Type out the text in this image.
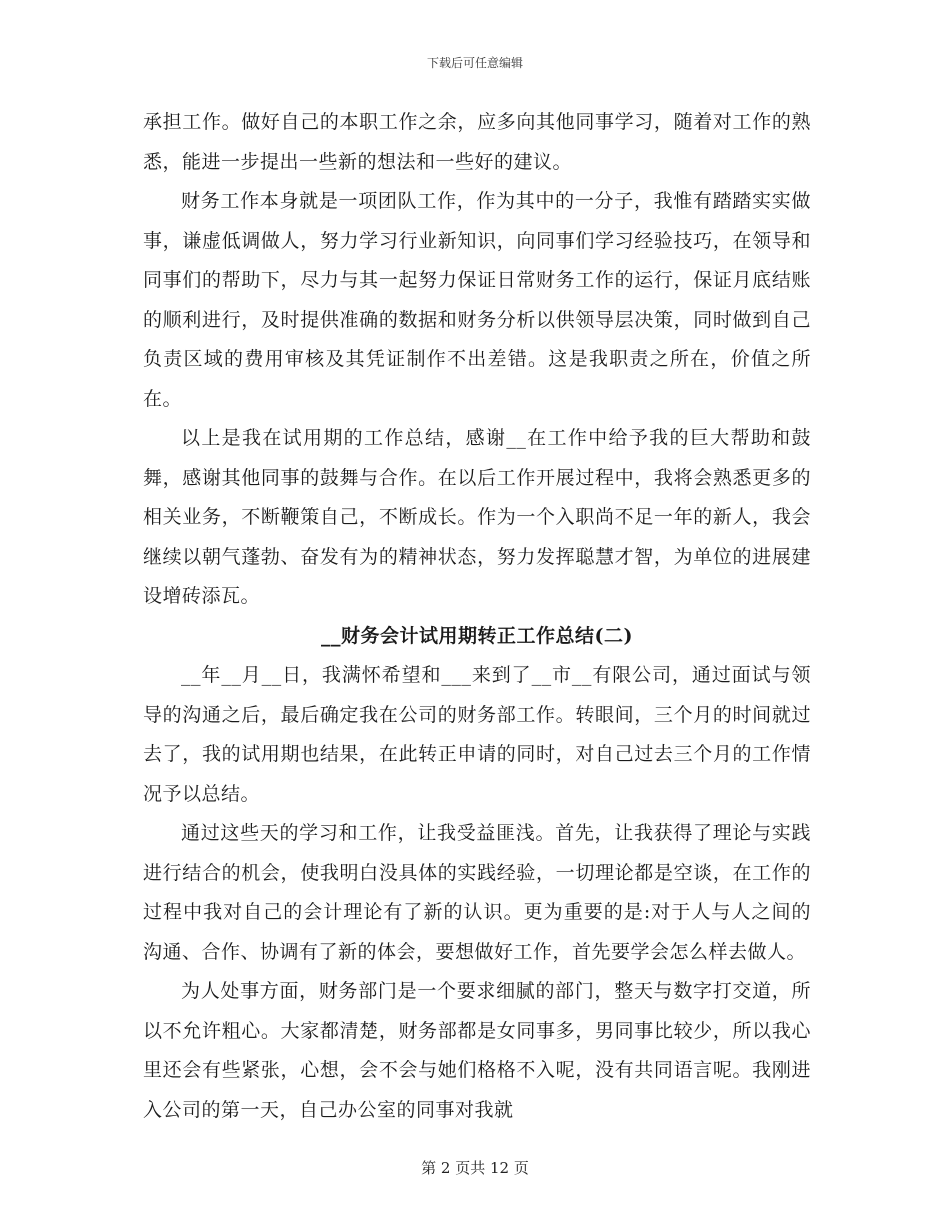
下载后可任意编辑

承担工作。做好自己的本职工作之余，应多向其他同事学习，随着对工作的熟悉，能进一步提出一些新的想法和一些好的建议。

财务工作本身就是一项团队工作，作为其中的一分子，我惟有踏踏实实做事，谦虚低调做人，努力学习行业新知识，向同事们学习经验技巧，在领导和同事们的帮助下，尽力与其一起努力保证日常财务工作的运行，保证月底结账的顺利进行，及时提供准确的数据和财务分析以供领导层决策，同时做到自己负责区域的费用审核及其凭证制作不出差错。这是我职责之所在，价值之所在。

以上是我在试用期的工作总结，感谢__在工作中给予我的巨大帮助和鼓舞，感谢其他同事的鼓舞与合作。在以后工作开展过程中，我将会熟悉更多的相关业务，不断鞭策自己，不断成长。作为一个入职尚不足一年的新人，我会继续以朝气蓬勃、奋发有为的精神状态，努力发挥聪慧才智，为单位的进展建设增砖添瓦。

__财务会计试用期转正工作总结(二)

__年__月__日，我满怀希望和___来到了__市__有限公司，通过面试与领导的沟通之后，最后确定我在公司的财务部工作。转眼间，三个月的时间就过去了，我的试用期也结果，在此转正申请的同时，对自己过去三个月的工作情况予以总结。

通过这些天的学习和工作，让我受益匪浅。首先，让我获得了理论与实践进行结合的机会，使我明白没具体的实践经验，一切理论都是空谈，在工作的过程中我对自己的会计理论有了新的认识。更为重要的是:对于人与人之间的沟通、合作、协调有了新的体会，要想做好工作，首先要学会怎么样去做人。

为人处事方面，财务部门是一个要求细腻的部门，整天与数字打交道，所以不允许粗心。大家都清楚，财务部都是女同事多，男同事比较少，所以我心里还会有些紧张，心想，会不会与她们格格不入呢，没有共同语言呢。我刚进入公司的第一天，自己办公室的同事对我就

第 2 页共 12 页
